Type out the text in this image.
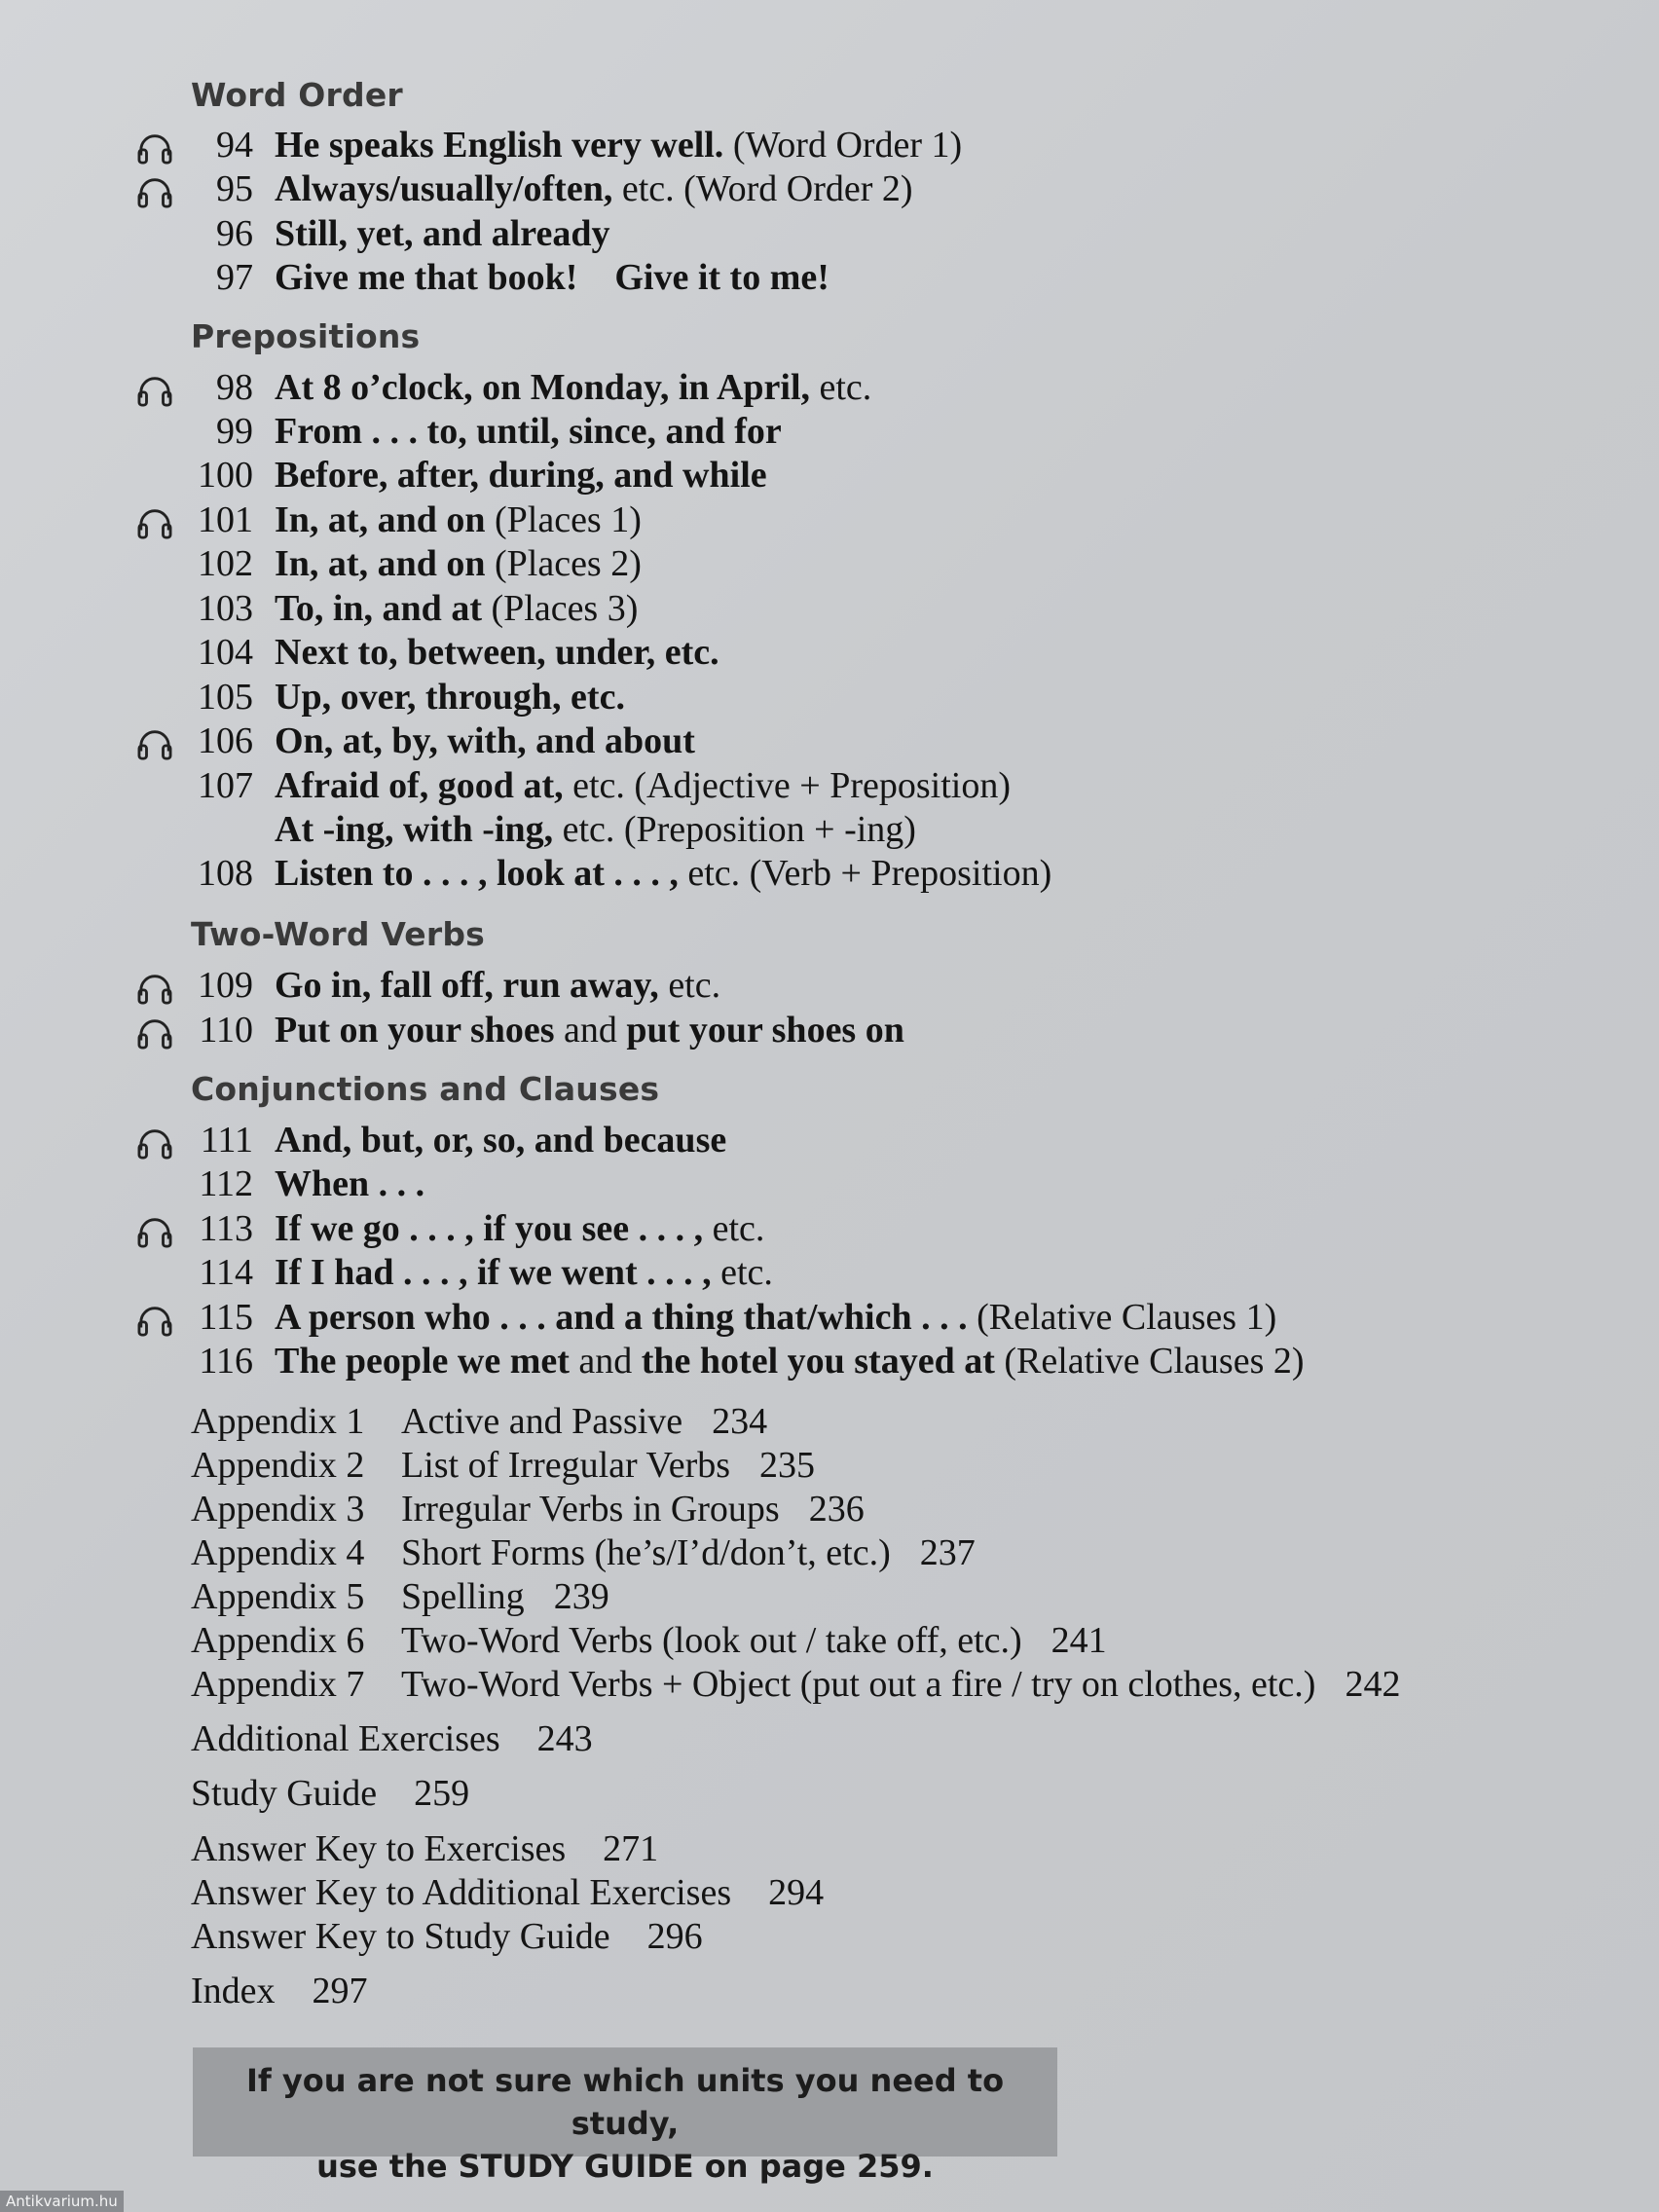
Word Order
94 He speaks English very well. (Word Order 1)
95 Always/usually/often, etc. (Word Order 2)
96 Still, yet, and already
97 Give me that book!    Give it to me!
Prepositions
98 At 8 o’clock, on Monday, in April, etc.
99 From . . . to, until, since, and for
100 Before, after, during, and while
101 In, at, and on (Places 1)
102 In, at, and on (Places 2)
103 To, in, and at (Places 3)
104 Next to, between, under, etc.
105 Up, over, through, etc.
106 On, at, by, with, and about
107 Afraid of, good at, etc. (Adjective + Preposition)
At -ing, with -ing, etc. (Preposition + -ing)
108 Listen to . . . , look at . . . , etc. (Verb + Preposition)
Two-Word Verbs
109 Go in, fall off, run away, etc.
110 Put on your shoes and put your shoes on
Conjunctions and Clauses
111 And, but, or, so, and because
112 When . . .
113 If we go . . . , if you see . . . , etc.
114 If I had . . . , if we went . . . , etc.
115 A person who . . . and a thing that/which . . . (Relative Clauses 1)
116 The people we met and the hotel you stayed at (Relative Clauses 2)
Appendix 1 Active and Passive 234
Appendix 2 List of Irregular Verbs 235
Appendix 3 Irregular Verbs in Groups 236
Appendix 4 Short Forms (he’s/I’d/don’t, etc.) 237
Appendix 5 Spelling 239
Appendix 6 Two-Word Verbs (look out / take off, etc.) 241
Appendix 7 Two-Word Verbs + Object (put out a fire / try on clothes, etc.) 242
Additional Exercises 243
Study Guide 259
Answer Key to Exercises 271
Answer Key to Additional Exercises 294
Answer Key to Study Guide 296
Index 297
If you are not sure which units you need to study,
use the STUDY GUIDE on page 259.
Antikvarium.hu
